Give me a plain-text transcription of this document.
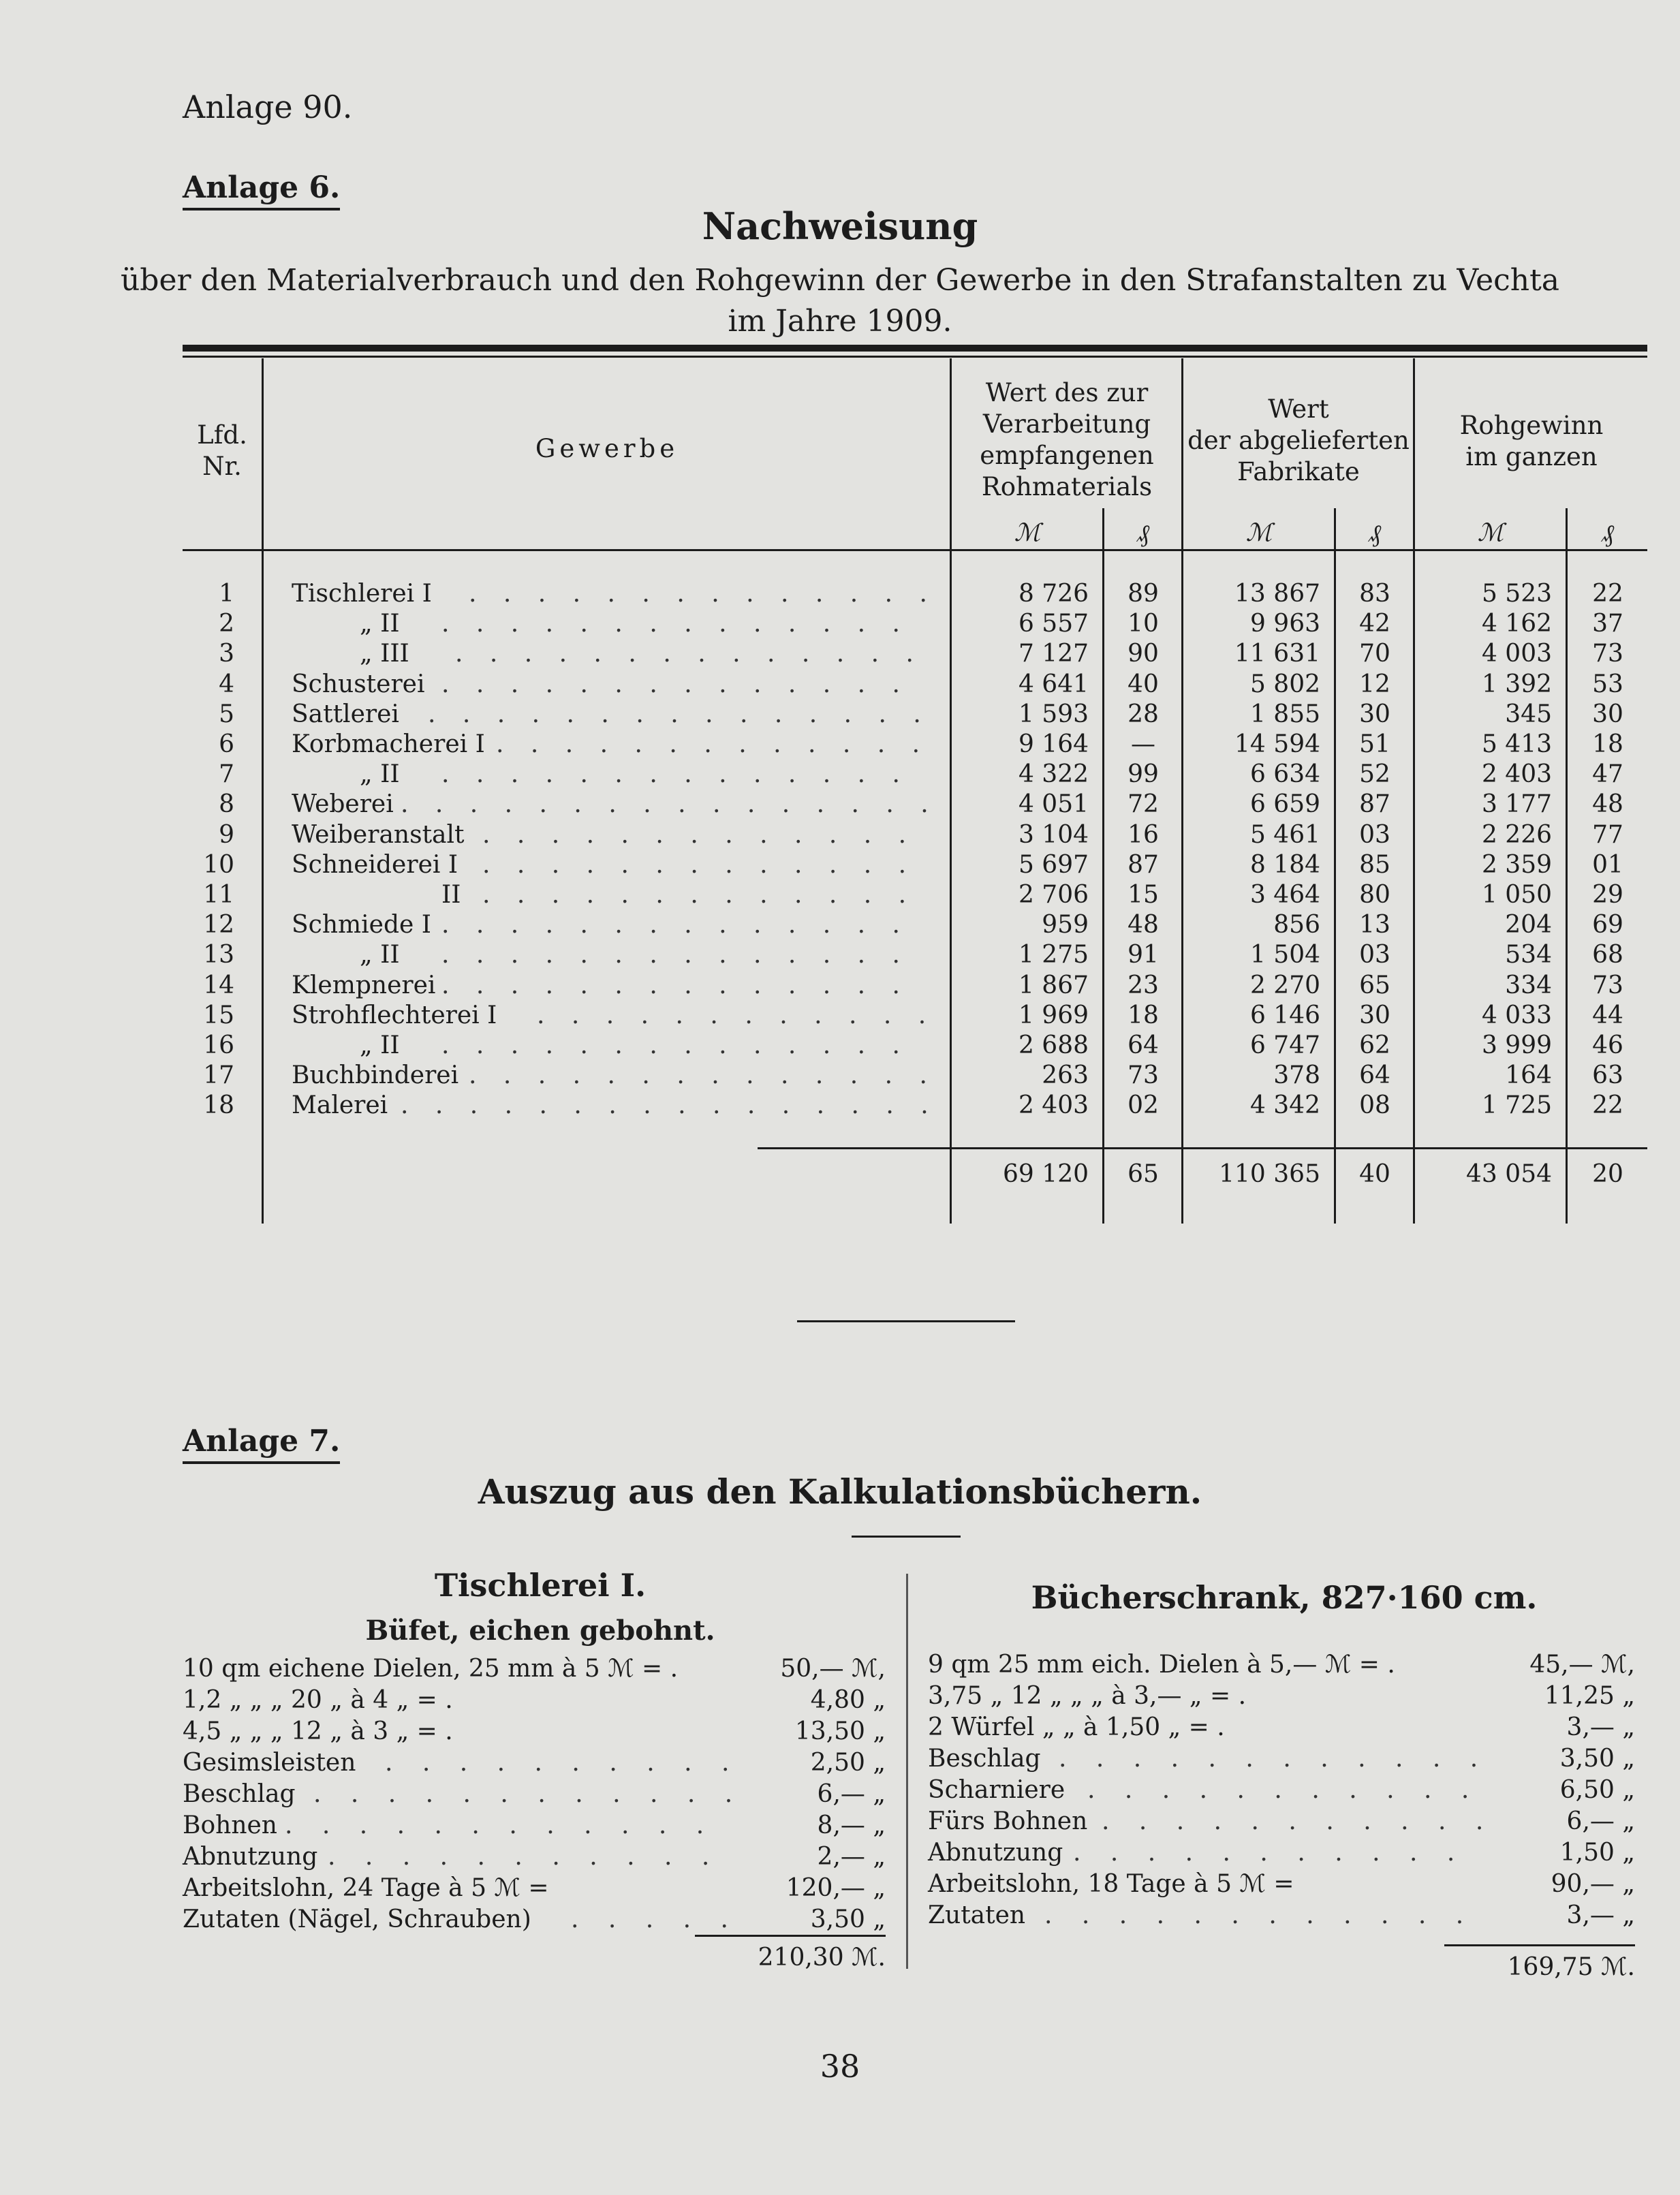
Anlage 90.
Anlage 6.
Nachweisung
über den Materialverbrauch und den Rohgewinn der Gewerbe in den Strafanstalten zu Vechta
im Jahre 1909.
Lfd.
Nr.
Gewerbe
Wert des zur
Verarbeitung
empfangenen
Rohmaterials
Wert
der abgelieferten
Fabrikate
Rohgewinn
im ganzen
ℳ	₰	ℳ	₰	ℳ	₰
1 Tischlerei I	8 726	89	13 867	83	5 523	22
. . . . . . . . . . . . . .
2	„ II	6 557	10	9 963	42	4 162	37
. . . . . . . . . . . . . .
3	„ III	7 127	90	11 631	70	4 003	73
. . . . . . . . . . . . . .
4 Schusterei	4 641	40	5 802	12	1 392	53
. . . . . . . . . . . . . .
5 Sattlerei	1 593	28	1 855	30	345	30
. . . . . . . . . . . . . . .
6 Korbmacherei I	9 164	—	14 594	51	5 413	18
. . . . . . . . . . . . .
7	„ II	4 322	99	6 634	52	2 403	47
. . . . . . . . . . . . . .
8 Weberei	4 051	72	6 659	87	3 177	48
. . . . . . . . . . . . . . . .
9 Weiberanstalt	3 104	16	5 461	03	2 226	77
. . . . . . . . . . . . .
10 Schneiderei I	5 697	87	8 184	85	2 359	01
. . . . . . . . . . . . .
11	II	2 706	15	3 464	80	1 050	29
. . . . . . . . . . . . .
12 Schmiede I	959	48	856	13	204	69
. . . . . . . . . . . . . .
13	„ II	1 275	91	1 504	03	534	68
. . . . . . . . . . . . . .
14 Klempnerei	1 867	23	2 270	65	334	73
. . . . . . . . . . . . . .
15 Strohflechterei I	1 969	18	6 146	30	4 033	44
. . . . . . . . . . . .
16	„ II	2 688	64	6 747	62	3 999	46
. . . . . . . . . . . . . .
17 Buchbinderei	263	73	378	64	164	63
. . . . . . . . . . . . . .
18 Malerei	2 403	02	4 342	08	1 725	22
. . . . . . . . . . . . . . . .
69 120	65	110 365	40	43 054	20
Anlage 7.
Auszug aus den Kalkulationsbüchern.
Tischlerei I.
Büfet, eichen gebohnt.
10 qm eichene Dielen, 25 mm à 5 ℳ = .	50,— ℳ,
1,2 „ „ „ 20 „ à 4 „ = .	4,80 „
4,5 „ „ „ 12 „ à 3 „ = .	13,50 „
Gesimsleisten . . . . . . . . . .	2,50 „
Beschlag . . . . . . . . . . . .	6,— „
Bohnen . . . . . . . . . . . .	8,— „
Abnutzung . . . . . . . . . . .	2,— „
Arbeitslohn, 24 Tage à 5 ℳ =	120,— „
Zutaten (Nägel, Schrauben) . . . . .	3,50 „
210,30 ℳ.
Bücherschrank, 827·160 cm.
9 qm 25 mm eich. Dielen à 5,— ℳ = .	45,— ℳ,
3,75 „ 12 „ „ „ à 3,— „ = .	11,25 „
2 Würfel „ „ à 1,50 „ = .	3,— „
Beschlag . . . . . . . . . . . .	3,50 „
Scharniere . . . . . . . . . . .	6,50 „
Fürs Bohnen . . . . . . . . . . .	6,— „
Abnutzung . . . . . . . . . . .	1,50 „
Arbeitslohn, 18 Tage à 5 ℳ =	90,— „
Zutaten . . . . . . . . . . . .	3,— „
169,75 ℳ.
38
